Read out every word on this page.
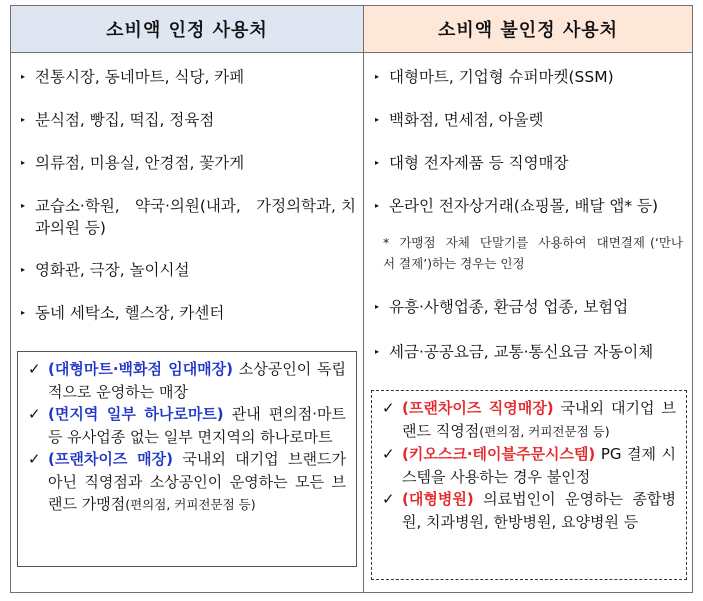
소비액 인정 사용처	소비액 불인정 사용처
▸ 전통시장, 동네마트, 식당, 카페
▸ 분식점, 빵집, 떡집, 정육점
▸ 의류점, 미용실, 안경점, 꽃가게
▸ 교습소·학원,   약국·의원(내과,   가정의학과, 치과의원 등)
▸ 영화관, 극장, 놀이시설
▸ 동네 세탁소, 헬스장, 카센터
✓ (대형마트·백화점 임대매장) 소상공인이 독립적으로 운영하는 매장
✓ (면지역 일부 하나로마트) 관내 편의점·마트 등 유사업종 없는 일부 면지역의 하나로마트
✓ (프랜차이즈 매장) 국내외 대기업 브랜드가 아닌 직영점과 소상공인이 운영하는 모든 브랜드 가맹점(편의점, 커피전문점 등)
▸ 대형마트, 기업형 슈퍼마켓(SSM)
▸ 백화점, 면세점, 아울렛
▸ 대형 전자제품 등 직영매장
▸ 온라인 전자상거래(쇼핑몰, 배달 앱* 등)
*  가맹점  자체  단말기를  사용하여  대면결제 (‘만나서 결제’)하는 경우는 인정
▸ 유흥·사행업종, 환금성 업종, 보험업
▸ 세금·공공요금, 교통·통신요금 자동이체
✓ (프랜차이즈 직영매장) 국내외 대기업 브랜드 직영점(편의점, 커피전문점 등)
✓ (키오스크·테이블주문시스템) PG 결제 시스템을 사용하는 경우 불인정
✓ (대형병원) 의료법인이 운영하는 종합병원, 치과병원, 한방병원, 요양병원 등
